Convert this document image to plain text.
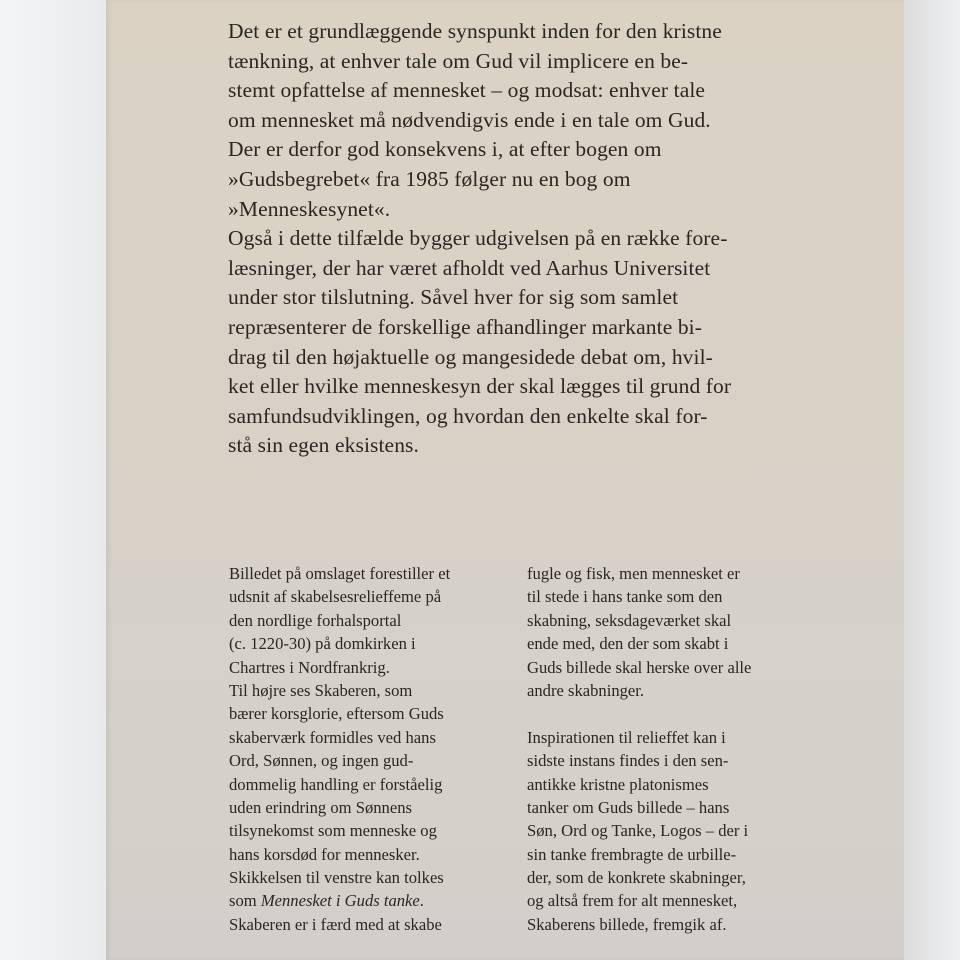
Det er et grundlæggende synspunkt inden for den kristne
tænkning, at enhver tale om Gud vil implicere en be-
stemt opfattelse af mennesket – og modsat: enhver tale
om mennesket må nødvendigvis ende i en tale om Gud.
Der er derfor god konsekvens i, at efter bogen om
»Gudsbegrebet« fra 1985 følger nu en bog om
»Menneskesynet«.
Også i dette tilfælde bygger udgivelsen på en række fore-
læsninger, der har været afholdt ved Aarhus Universitet
under stor tilslutning. Såvel hver for sig som samlet
repræsenterer de forskellige afhandlinger markante bi-
drag til den højaktuelle og mangesidede debat om, hvil-
ket eller hvilke menneskesyn der skal lægges til grund for
samfundsudviklingen, og hvordan den enkelte skal for-
stå sin egen eksistens.
Billedet på omslaget forestiller et
udsnit af skabelsesrelieffeme på
den nordlige forhalsportal
(c. 1220-30) på domkirken i
Chartres i Nordfrankrig.
Til højre ses Skaberen, som
bærer korsglorie, eftersom Guds
skaberværk formidles ved hans
Ord, Sønnen, og ingen gud-
dommelig handling er forståelig
uden erindring om Sønnens
tilsynekomst som menneske og
hans korsdød for mennesker.
Skikkelsen til venstre kan tolkes
som Mennesket i Guds tanke.
Skaberen er i færd med at skabe
fugle og fisk, men mennesket er
til stede i hans tanke som den
skabning, seksdageværket skal
ende med, den der som skabt i
Guds billede skal herske over alle
andre skabninger.
Inspirationen til relieffet kan i
sidste instans findes i den sen-
antikke kristne platonismes
tanker om Guds billede – hans
Søn, Ord og Tanke, Logos – der i
sin tanke frembragte de urbille-
der, som de konkrete skabninger,
og altså frem for alt mennesket,
Skaberens billede, fremgik af.
